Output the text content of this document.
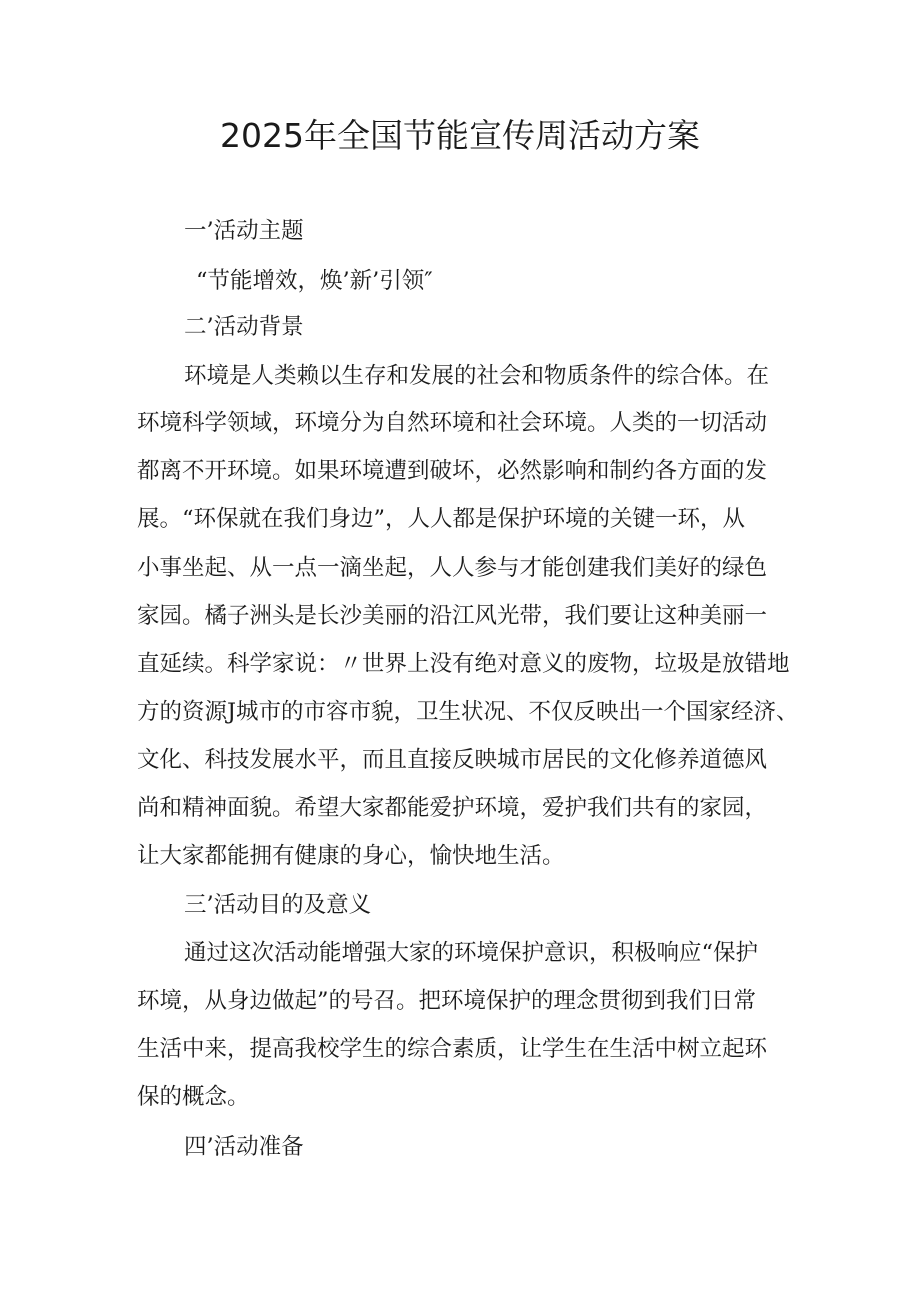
2025年全国节能宣传周活动方案

一’活动主题

“节能增效，焕’新’引领″

二’活动背景

环境是人类赖以生存和发展的社会和物质条件的综合体。在

环境科学领域，环境分为自然环境和社会环境。人类的一切活动

都离不开环境。如果环境遭到破坏，必然影响和制约各方面的发

展。“环保就在我们身边”，人人都是保护环境的关键一环，从

小事坐起、从一点一滴坐起，人人参与才能创建我们美好的绿色

家园。橘子洲头是长沙美丽的沿江风光带，我们要让这种美丽一

直延续。科学家说：〃世界上没有绝对意义的废物，垃圾是放错地

方的资源J城市的市容市貌，卫生状况、不仅反映出一个国家经济、

文化、科技发展水平，而且直接反映城市居民的文化修养道德风

尚和精神面貌。希望大家都能爱护环境，爱护我们共有的家园，

让大家都能拥有健康的身心，愉快地生活。

三’活动目的及意义

通过这次活动能增强大家的环境保护意识，积极响应“保护

环境，从身边做起”的号召。把环境保护的理念贯彻到我们日常

生活中来，提高我校学生的综合素质，让学生在生活中树立起环

保的概念。

四’活动准备
